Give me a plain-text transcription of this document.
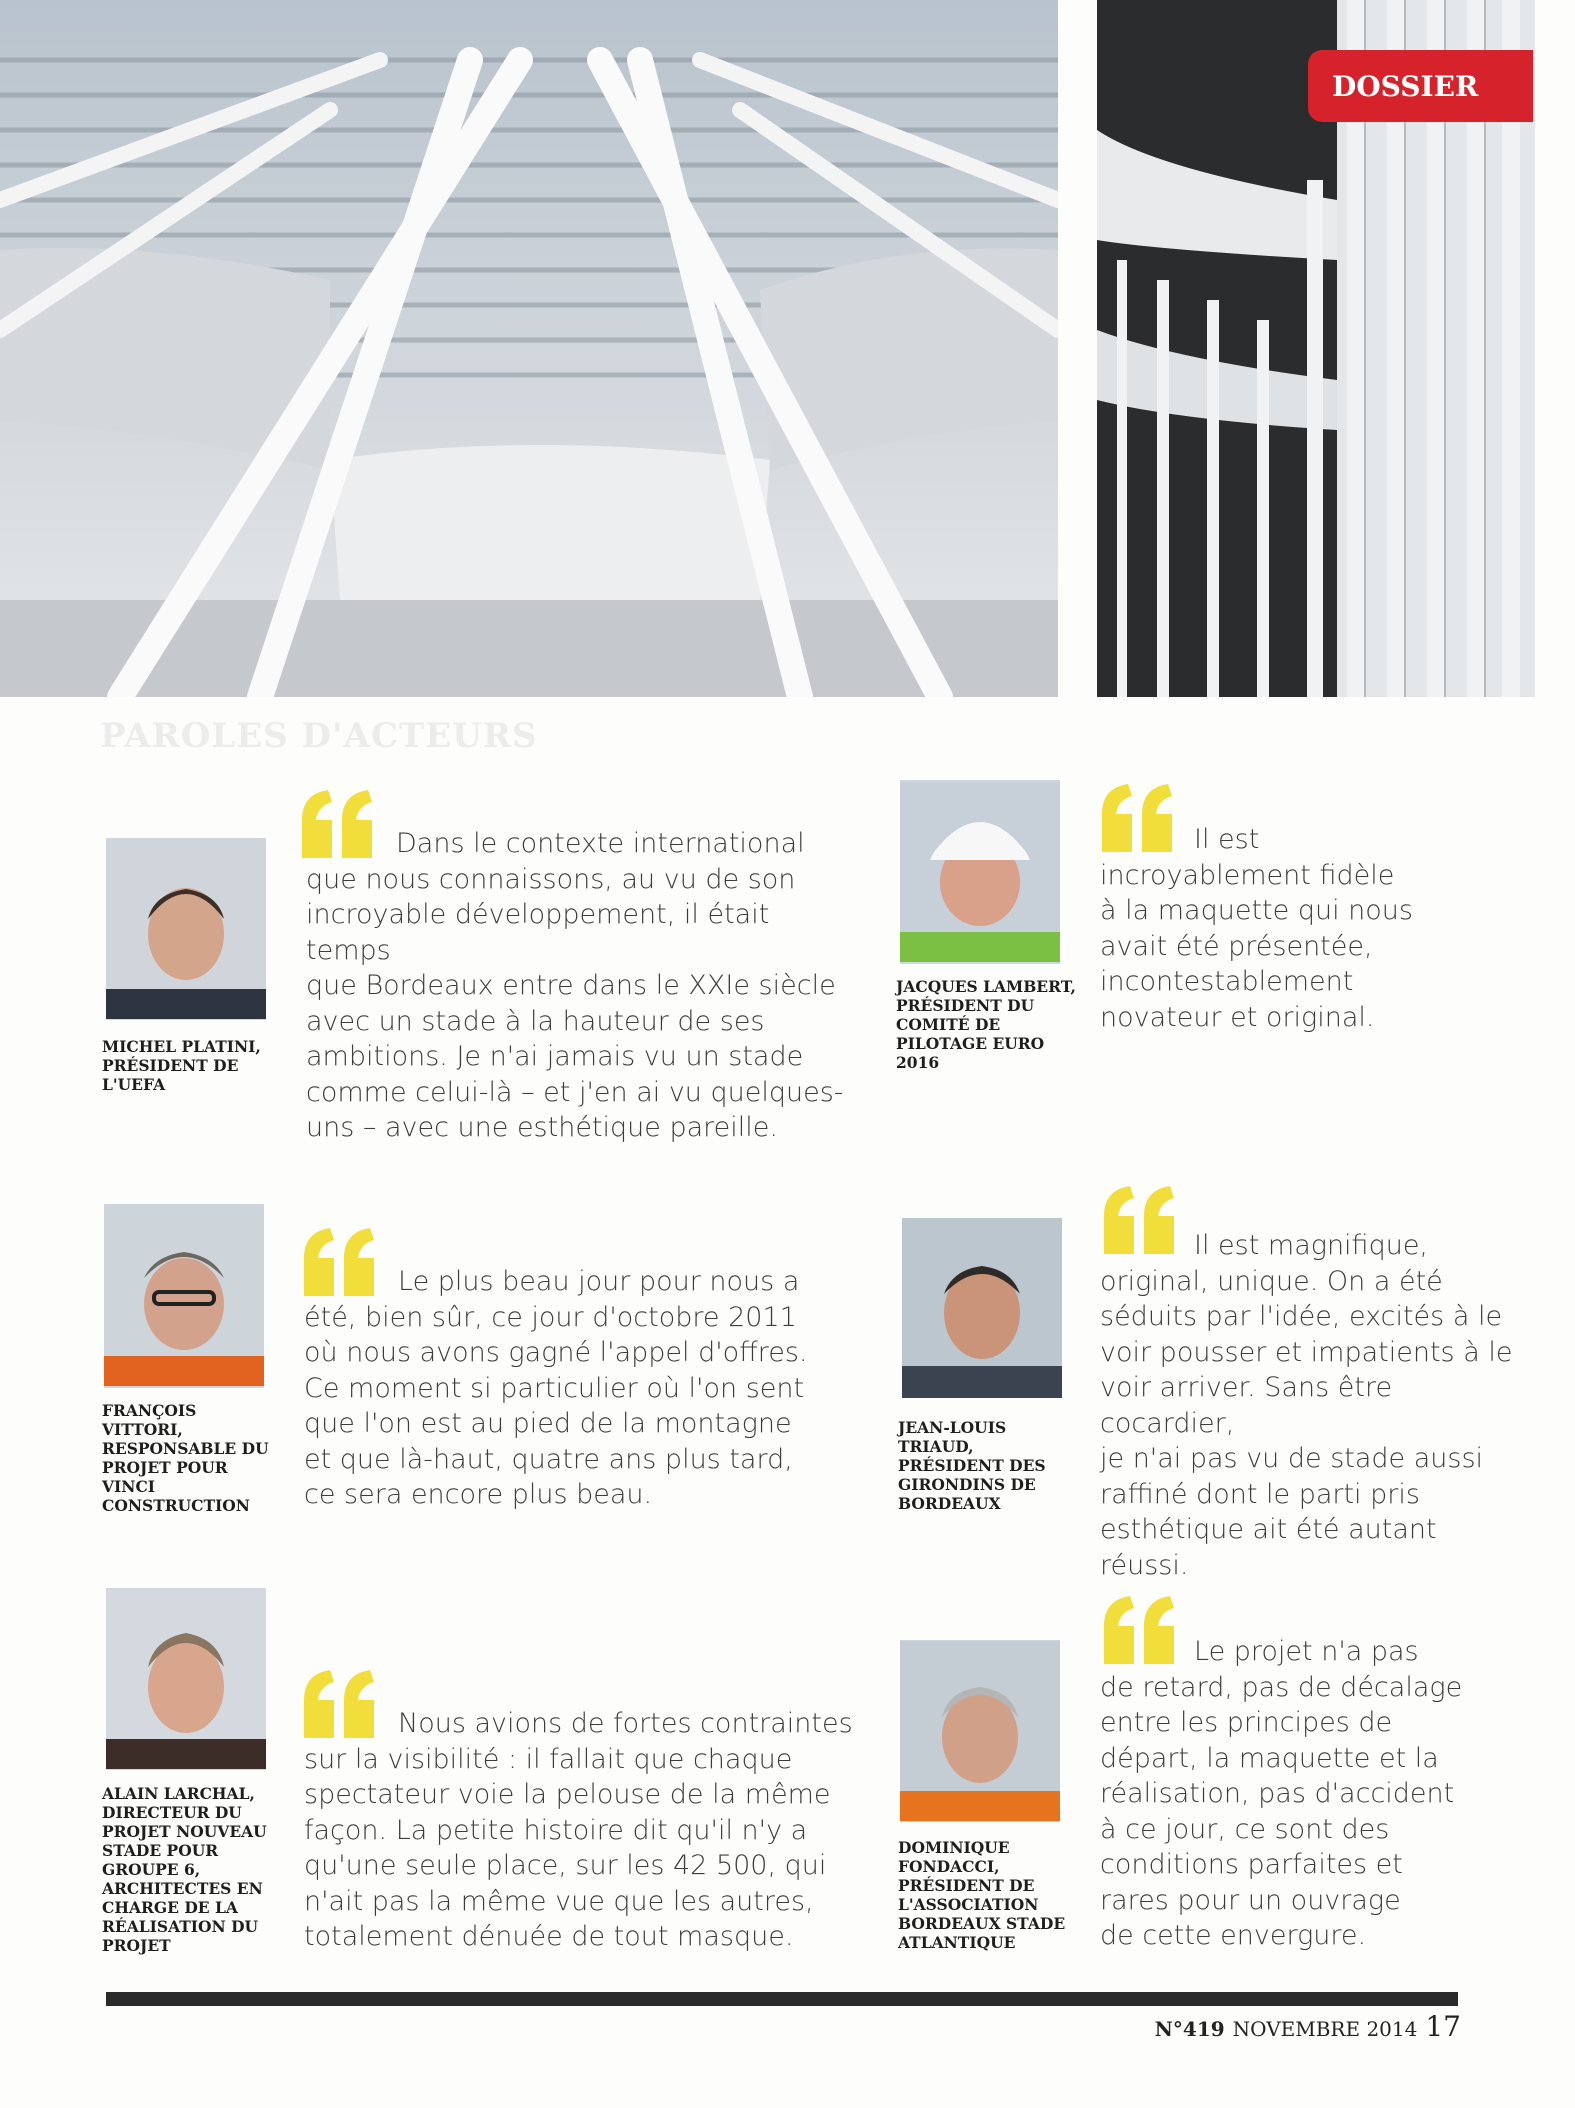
DOSSIER
PAROLES D'ACTEURS
MICHEL PLATINI, PRÉSIDENT DE L'UEFA
Dans le contexte international
que nous connaissons, au vu de son
incroyable développement, il était temps
que Bordeaux entre dans le XXIe siècle
avec un stade à la hauteur de ses
ambitions. Je n'ai jamais vu un stade
comme celui-là – et j'en ai vu quelques-
uns – avec une esthétique pareille.
JACQUES LAMBERT, PRÉSIDENT DU COMITÉ DE PILOTAGE EURO 2016
Il est
incroyablement fidèle
à la maquette qui nous
avait été présentée,
incontestablement
novateur et original.
FRANÇOIS VITTORI, RESPONSABLE DU PROJET POUR VINCI CONSTRUCTION
Le plus beau jour pour nous a
été, bien sûr, ce jour d'octobre 2011
où nous avons gagné l'appel d'offres.
Ce moment si particulier où l'on sent
que l'on est au pied de la montagne
et que là-haut, quatre ans plus tard,
ce sera encore plus beau.
JEAN-LOUIS TRIAUD, PRÉSIDENT DES GIRONDINS DE BORDEAUX
Il est magnifique,
original, unique. On a été
séduits par l'idée, excités à le
voir pousser et impatients à le
voir arriver. Sans être cocardier,
je n'ai pas vu de stade aussi
raffiné dont le parti pris
esthétique ait été autant réussi.
ALAIN LARCHAL, DIRECTEUR DU PROJET NOUVEAU STADE POUR GROUPE 6, ARCHITECTES EN CHARGE DE LA RÉALISATION DU PROJET
Nous avions de fortes contraintes
sur la visibilité : il fallait que chaque
spectateur voie la pelouse de la même
façon. La petite histoire dit qu'il n'y a
qu'une seule place, sur les 42 500, qui
n'ait pas la même vue que les autres,
totalement dénuée de tout masque.
DOMINIQUE FONDACCI, PRÉSIDENT DE L'ASSOCIATION BORDEAUX STADE ATLANTIQUE
Le projet n'a pas
de retard, pas de décalage
entre les principes de
départ, la maquette et la
réalisation, pas d'accident
à ce jour, ce sont des
conditions parfaites et
rares pour un ouvrage
de cette envergure.
N°419 NOVEMBRE 2014 17
